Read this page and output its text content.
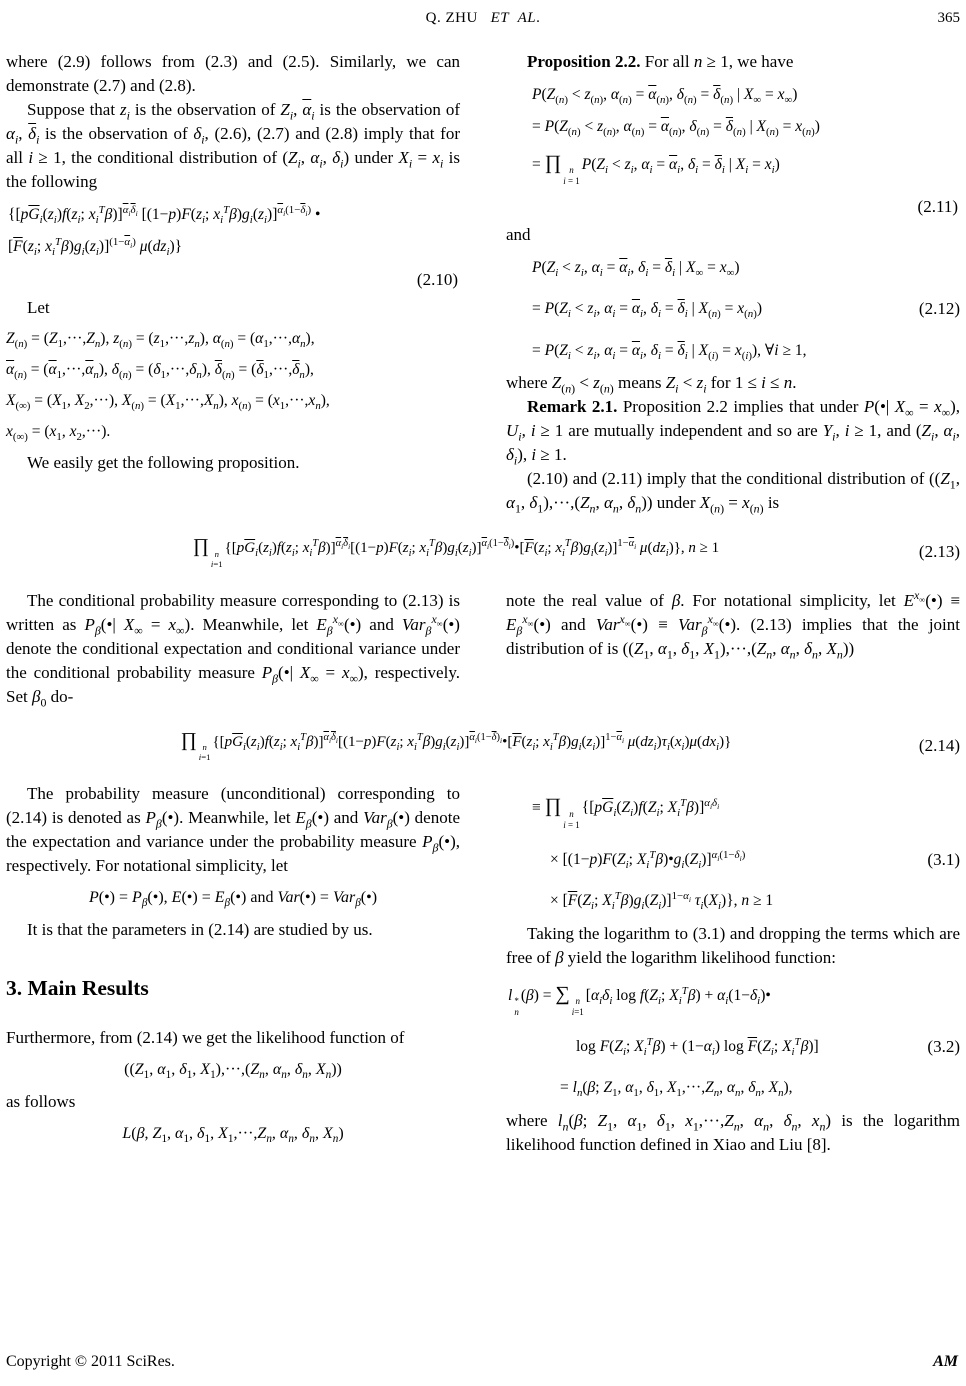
Q. ZHU   ET  AL.	365

where (2.9) follows from (2.3) and (2.5). Similarly, we can demonstrate (2.7) and (2.8).

Suppose that $z_i$ is the observation of $Z_i$, $\overline{\alpha}_i$ is the observation of $\alpha_i$, $\overline{\delta}_i$ is the observation of $\delta_i$, (2.6), (2.7) and (2.8) imply that for all i ≥ 1, the conditional distribution of ($Z_i$, $\alpha_i$, $\delta_i$) under $X_i = x_i$ is the following

{[$p\overline{G}_i(z_i)f(z_i$; $x_i^T\beta)]^{\overline{\alpha}_i\overline{\delta}_i}$ [$(1-p)F(z_i$; $x_i^T\beta)g_i(z_i)]^{\overline{\alpha}_i(1-\overline{\delta}_i)}$ •
[$\overline{F}(z_i$; $x_i^T\beta)g_i(z_i)]^{(1-\overline{\alpha}_i)}$ $\mu(dz_i)$}
(2.10)

Let

$Z_{(n)} = (Z_1,\cdot\cdot\cdot,Z_n)$, $z_{(n)} = (z_1,\cdot\cdot\cdot,z_n)$, $\alpha_{(n)} = (\alpha_1,\cdot\cdot\cdot,\alpha_n)$,
$\overline{\alpha}_{(n)} = (\overline{\alpha}_1,\cdot\cdot\cdot,\overline{\alpha}_n)$, $\delta_{(n)} = (\delta_1,\cdot\cdot\cdot,\delta_n)$, $\overline{\delta}_{(n)} = (\overline{\delta}_1,\cdot\cdot\cdot,\overline{\delta}_n)$,
$X_{(\infty)} = (X_1$, $X_2,\cdot\cdot\cdot$), $X_{(n)} = (X_1,\cdot\cdot\cdot,X_n)$, $x_{(n)} = (x_1,\cdot\cdot\cdot,x_n)$,
$x_{(\infty)} = (x_1$, $x_2,\cdot\cdot\cdot$).

We easily get the following proposition.

Proposition 2.2. For all n ≥ 1, we have

$P(Z_{(n)} < z_{(n)}$, $\alpha_{(n)} = \overline{\alpha}_{(n)}$, $\delta_{(n)} = \overline{\delta}_{(n)}$ | $X_\infty = x_\infty$)
= $P(Z_{(n)} < z_{(n)}$, $\alpha_{(n)} = \overline{\alpha}_{(n)}$, $\delta_{(n)} = \overline{\delta}_{(n)}$ | $X_{(n)} = x_{(n)}$)
= ∏ n
i = 1
$P(Z_i < z_i$, $\alpha_i = \overline{\alpha}_i$, $\delta_i = \overline{\delta}_i$ | $X_i = x_i$)
(2.11)

and

$P(Z_i < z_i$, $\alpha_i = \overline{\alpha}_i$, $\delta_i = \overline{\delta}_i$ | $X_\infty = x_\infty$)
= $P(Z_i < z_i$, $\alpha_i = \overline{\alpha}_i$, $\delta_i = \overline{\delta}_i$ | $X_{(n)} = x_{(n)}$)	(2.12)
= $P(Z_i < z_i$, $\alpha_i = \overline{\alpha}_i$, $\delta_i = \overline{\delta}_i$ | $X_{(i)} = x_{(i)}$), ∀i ≥ 1,

where $Z_{(n)} < z_{(n)}$ means $Z_i < z_i$ for 1 ≤ i ≤ n.

Remark 2.1. Proposition 2.2 implies that under P(•| $X_\infty = x_\infty$), $U_i$, i ≥ 1 are mutually independent and so are $Y_i$, i ≥ 1, and ($Z_i$, $\alpha_i$, $\delta_i$), i ≥ 1.

(2.10) and (2.11) imply that the conditional distribution of (($Z_1$, $\alpha_1$, $\delta_1),\cdot\cdot\cdot,(Z_n$, $\alpha_n$, $\delta_n$)) under $X_{(n)} = x_{(n)}$ is

∏ n
i=1
{[$p\overline{G}_i(z_i)f(z_i$; $x_i^T\beta)]^{\overline{\alpha}_i\overline{\delta}_i}[(1-p)F(z_i$; $x_i^T\beta)g_i(z_i)]^{\overline{\alpha}_i(1-\overline{\delta}_i)}•[\overline{F}(z_i$; $x_i^T\beta)g_i(z_i)]^{1-\overline{\alpha}_i}$ $\mu(dz_i)$}, n ≥ 1	(2.13)

The conditional probability measure corresponding to (2.13) is written as $P_\beta(•|$ $X_\infty = x_\infty$). Meanwhile, let $E_\beta^{x_\infty}(•)$ and Var$_\beta^{x_\infty}$(•) denote the conditional expectation and conditional variance under the conditional probability measure $P_\beta(•|$ $X_\infty = x_\infty$), respectively. Set $\beta_0$ do-

note the real value of β. For notational simplicity, let $E^{x_\infty}(•)$ ≡ $E_\beta^{x_\infty}(•)$ and Var$^{x_\infty}$(•) ≡ Var$_\beta^{x_\infty}$(•). (2.13) implies that the joint distribution of is (($Z_1$, $\alpha_1$, $\delta_1$, $X_1),\cdot\cdot\cdot,(Z_n$, $\alpha_n$, $\delta_n$, $X_n$))

∏ n
i=1
{[$p\overline{G}_i(z_i)f(z_i$; $x_i^T\beta)]^{\overline{\alpha}_i\overline{\delta}_i}[(1-p)F(z_i$; $x_i^T\beta)g_i(z_i)]^{\overline{\alpha}_i(1-\overline{\delta})_i}•[\overline{F}(z_i$; $x_i^T\beta)g_i(z_i)]^{1-\overline{\alpha}_i}$ $\mu(dz_i)\tau_i(x_i)\mu(dx_i)$}	(2.14)

The probability measure (unconditional) corresponding to (2.14) is denoted as $P_\beta(•)$. Meanwhile, let $E_\beta(•)$ and Var$_\beta$(•) denote the expectation and variance under the probability measure $P_\beta(•)$, respectively. For notational simplicity, let

P(•) = $P_\beta(•)$, E(•) = $E_\beta(•)$ and Var(•) = Var$_\beta$(•)

It is that the parameters in (2.14) are studied by us.

3. Main Results

Furthermore, from (2.14) we get the likelihood function of

(($Z_1$, $\alpha_1$, $\delta_1$, $X_1),\cdot\cdot\cdot,(Z_n$, $\alpha_n$, $\delta_n$, $X_n$))

as follows

L(β, $Z_1$, $\alpha_1$, $\delta_1$, $X_1,\cdot\cdot\cdot,Z_n$, $\alpha_n$, $\delta_n$, $X_n$)
≡ ∏ n
i = 1
{[$p\overline{G}_i(Z_i)f(Z_i$; $X_i^T\beta)]^{\alpha_i\delta_i}$
× [$(1-p)F(Z_i$; $X_i^T\beta)•g_i(Z_i)]^{\alpha_i(1-\delta_i)}$	(3.1)
× [$\overline{F}(Z_i$; $X_i^T\beta)g_i(Z_i)]^{1-\alpha_i}$ $\tau_i(X_i)$}, n ≥ 1

Taking the logarithm to (3.1) and dropping the terms which are free of β yield the logarithm likelihood function:

l *
n
(β) = ∑ n
i=1
[$\alpha_i\delta_i$ $\log f(Z_i$; $X_i^T\beta$) + $\alpha_i(1-\delta_i)•$
$\log F(Z_i$; $X_i^T\beta) + (1-\alpha_i)$ $\log \overline{F}(Z_i$; $X_i^T\beta$)]	(3.2)
= $l_n(\beta$; $Z_1$, $\alpha_1$, $\delta_1$, $X_1,\cdot\cdot\cdot,Z_n$, $\alpha_n$, $\delta_n$, $X_n$),

where $l_n(\beta$; $Z_1$, $\alpha_1$, $\delta_1$, $x_1,\cdot\cdot\cdot,Z_n$, $\alpha_n$, $\delta_n$, $x_n$) is the logarithm likelihood function defined in Xiao and Liu [8].

Copyright © 2011 SciRes.	AM
